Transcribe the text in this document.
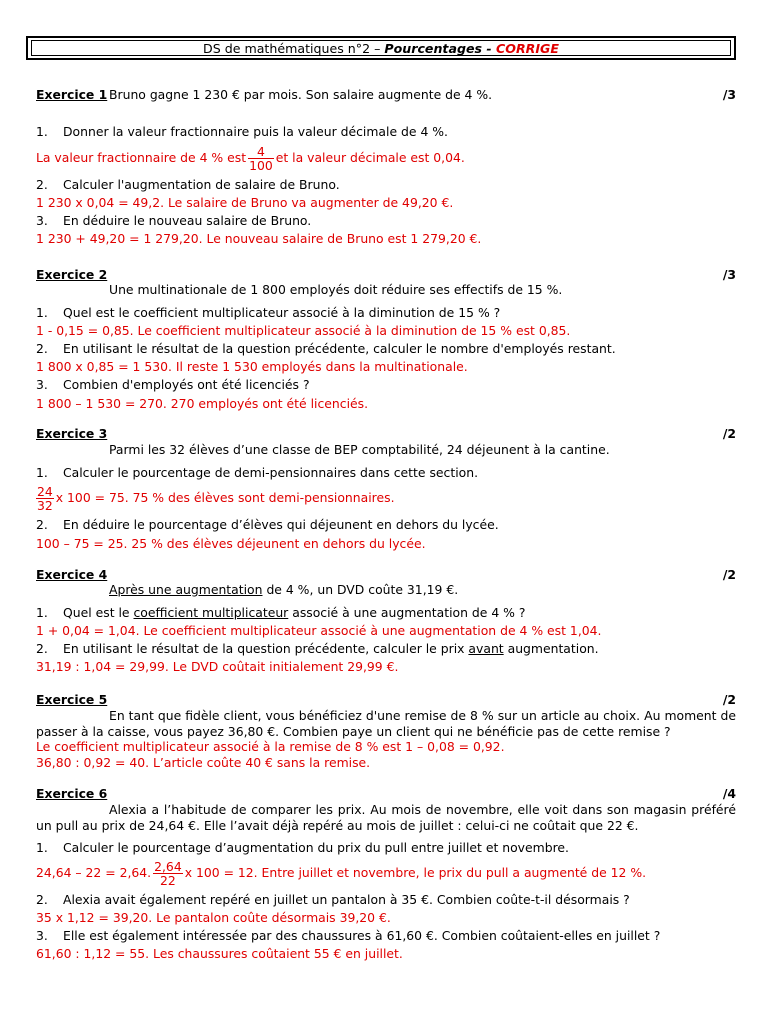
DS de mathématiques n°2 – Pourcentages - CORRIGE
Exercice 1 Bruno gagne 1 230 € par mois. Son salaire augmente de 4 %.	/3
1. Donner la valeur fractionnaire puis la valeur décimale de 4 %.
La valeur fractionnaire de 4 % est $\frac{4}{100}$ et la valeur décimale est 0,04.
2. Calculer l'augmentation de salaire de Bruno.
1 230 x 0,04 = 49,2. Le salaire de Bruno va augmenter de 49,20 €.
3. En déduire le nouveau salaire de Bruno.
1 230 + 49,20 = 1 279,20. Le nouveau salaire de Bruno est 1 279,20 €.
Exercice 2	/3
Une multinationale de 1 800 employés doit réduire ses effectifs de 15 %.
1. Quel est le coefficient multiplicateur associé à la diminution de 15 % ?
1 - 0,15 = 0,85. Le coefficient multiplicateur associé à la diminution de 15 % est 0,85.
2. En utilisant le résultat de la question précédente, calculer le nombre d'employés restant.
1 800 x 0,85 = 1 530. Il reste 1 530 employés dans la multinationale.
3. Combien d'employés ont été licenciés ?
1 800 – 1 530 = 270. 270 employés ont été licenciés.
Exercice 3	/2
Parmi les 32 élèves d’une classe de BEP comptabilité, 24 déjeunent à la cantine.
1. Calculer le pourcentage de demi-pensionnaires dans cette section.
$\frac{24}{32}$ x 100 = 75. 75 % des élèves sont demi-pensionnaires.
2. En déduire le pourcentage d’élèves qui déjeunent en dehors du lycée.
100 – 75 = 25. 25 % des élèves déjeunent en dehors du lycée.
Exercice 4	/2
Après une augmentation de 4 %, un DVD coûte 31,19 €.
1. Quel est le coefficient multiplicateur associé à une augmentation de 4 % ?
1 + 0,04 = 1,04. Le coefficient multiplicateur associé à une augmentation de 4 % est 1,04.
2. En utilisant le résultat de la question précédente, calculer le prix avant augmentation.
31,19 : 1,04 = 29,99. Le DVD coûtait initialement 29,99 €.
Exercice 5	/2
En tant que fidèle client, vous bénéficiez d'une remise de 8 % sur un article au choix. Au moment de passer à la caisse, vous payez 36,80 €. Combien paye un client qui ne bénéficie pas de cette remise ?
Le coefficient multiplicateur associé à la remise de 8 % est 1 – 0,08 = 0,92.
36,80 : 0,92 = 40. L’article coûte 40 € sans la remise.
Exercice 6	/4
Alexia a l’habitude de comparer les prix. Au mois de novembre, elle voit dans son magasin préféré un pull au prix de 24,64 €. Elle l’avait déjà repéré au mois de juillet : celui-ci ne coûtait que 22 €.
1. Calculer le pourcentage d’augmentation du prix du pull entre juillet et novembre.
24,64 – 22 = 2,64. $\frac{2,64}{22}$ x 100 = 12. Entre juillet et novembre, le prix du pull a augmenté de 12 %.
2. Alexia avait également repéré en juillet un pantalon à 35 €. Combien coûte-t-il désormais ?
35 x 1,12 = 39,20. Le pantalon coûte désormais 39,20 €.
3. Elle est également intéressée par des chaussures à 61,60 €. Combien coûtaient-elles en juillet ?
61,60 : 1,12 = 55. Les chaussures coûtaient 55 € en juillet.
